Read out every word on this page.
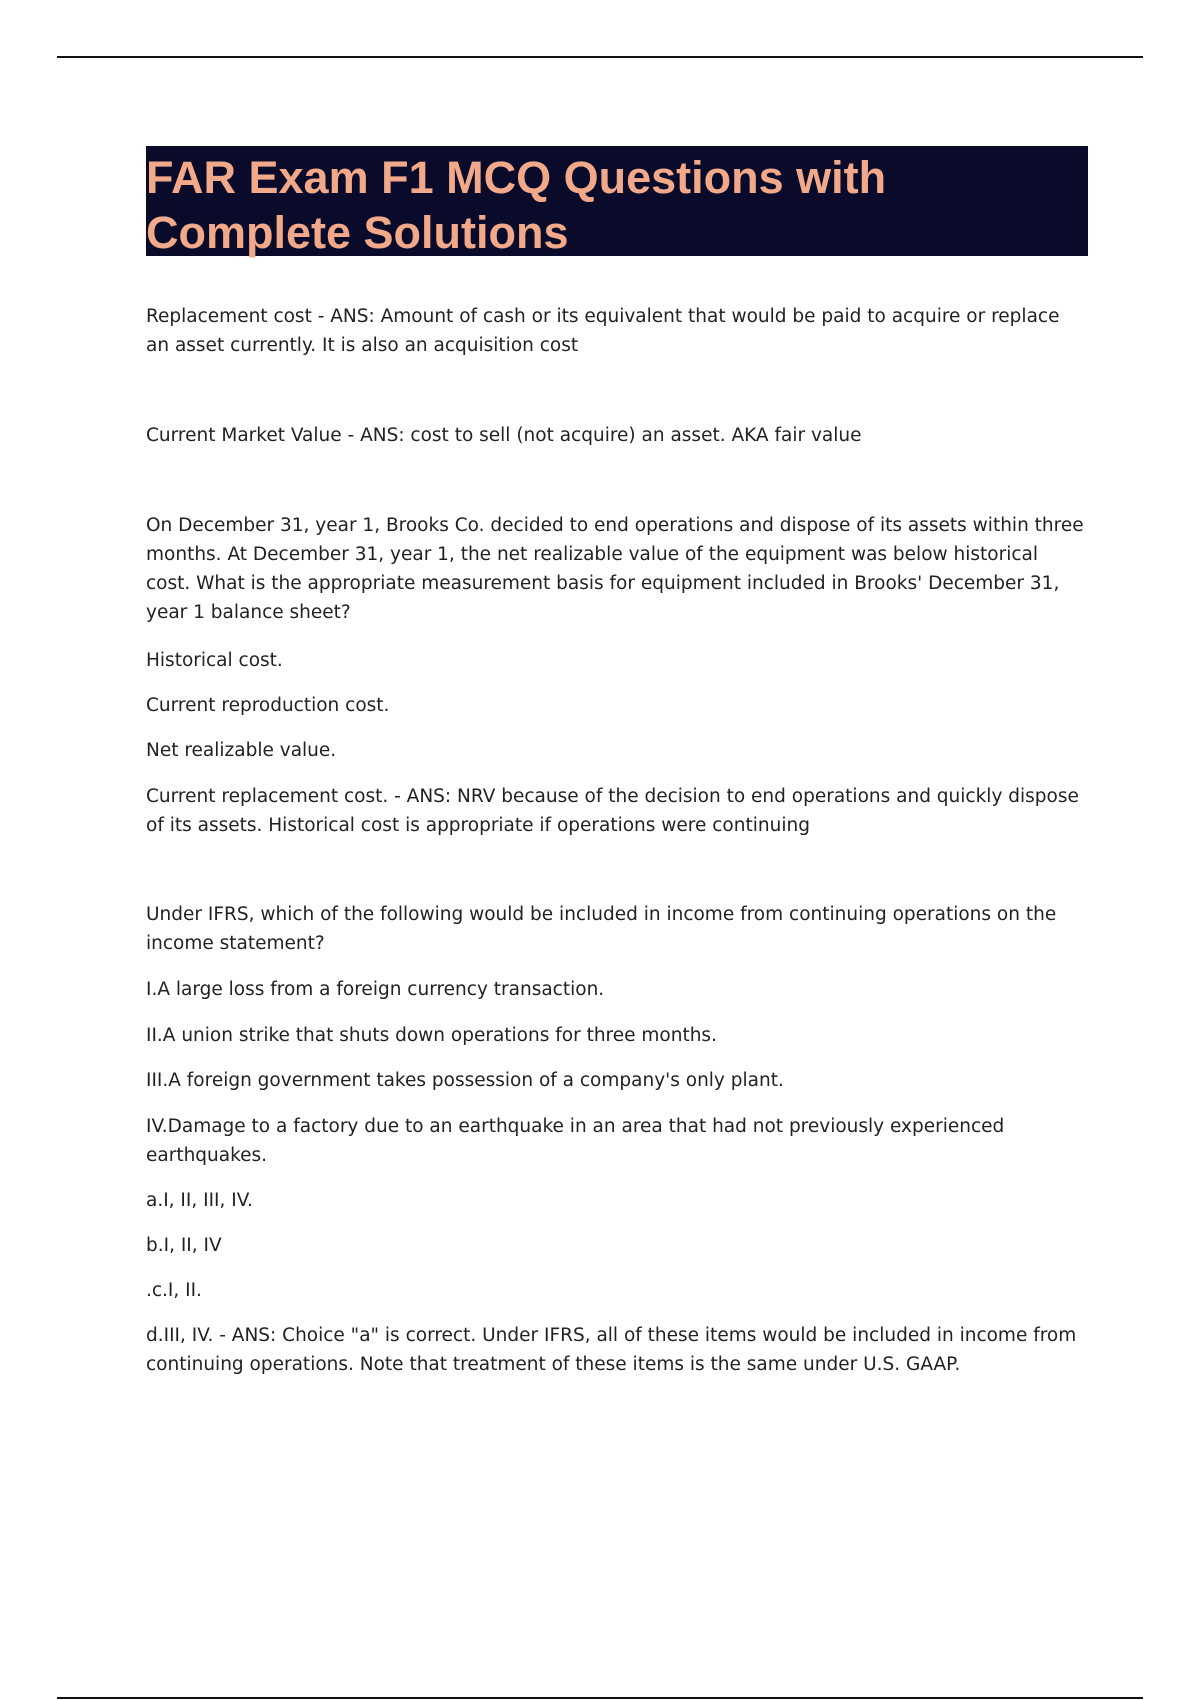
FAR Exam F1 MCQ Questions with
Complete Solutions

Replacement cost - ANS: Amount of cash or its equivalent that would be paid to acquire or replace an asset currently. It is also an acquisition cost

Current Market Value - ANS: cost to sell (not acquire) an asset. AKA fair value

On December 31, year 1, Brooks Co. decided to end operations and dispose of its assets within three months. At December 31, year 1, the net realizable value of the equipment was below historical cost. What is the appropriate measurement basis for equipment included in Brooks' December 31, year 1 balance sheet?

Historical cost.

Current reproduction cost.

Net realizable value.

Current replacement cost. - ANS: NRV because of the decision to end operations and quickly dispose of its assets. Historical cost is appropriate if operations were continuing

Under IFRS, which of the following would be included in income from continuing operations on the income statement?

I.A large loss from a foreign currency transaction.

II.A union strike that shuts down operations for three months.

III.A foreign government takes possession of a company's only plant.

IV.Damage to a factory due to an earthquake in an area that had not previously experienced earthquakes.

a.I, II, III, IV.

b.I, II, IV

.c.I, II.

d.III, IV. - ANS: Choice "a" is correct. Under IFRS, all of these items would be included in income from continuing operations. Note that treatment of these items is the same under U.S. GAAP.
